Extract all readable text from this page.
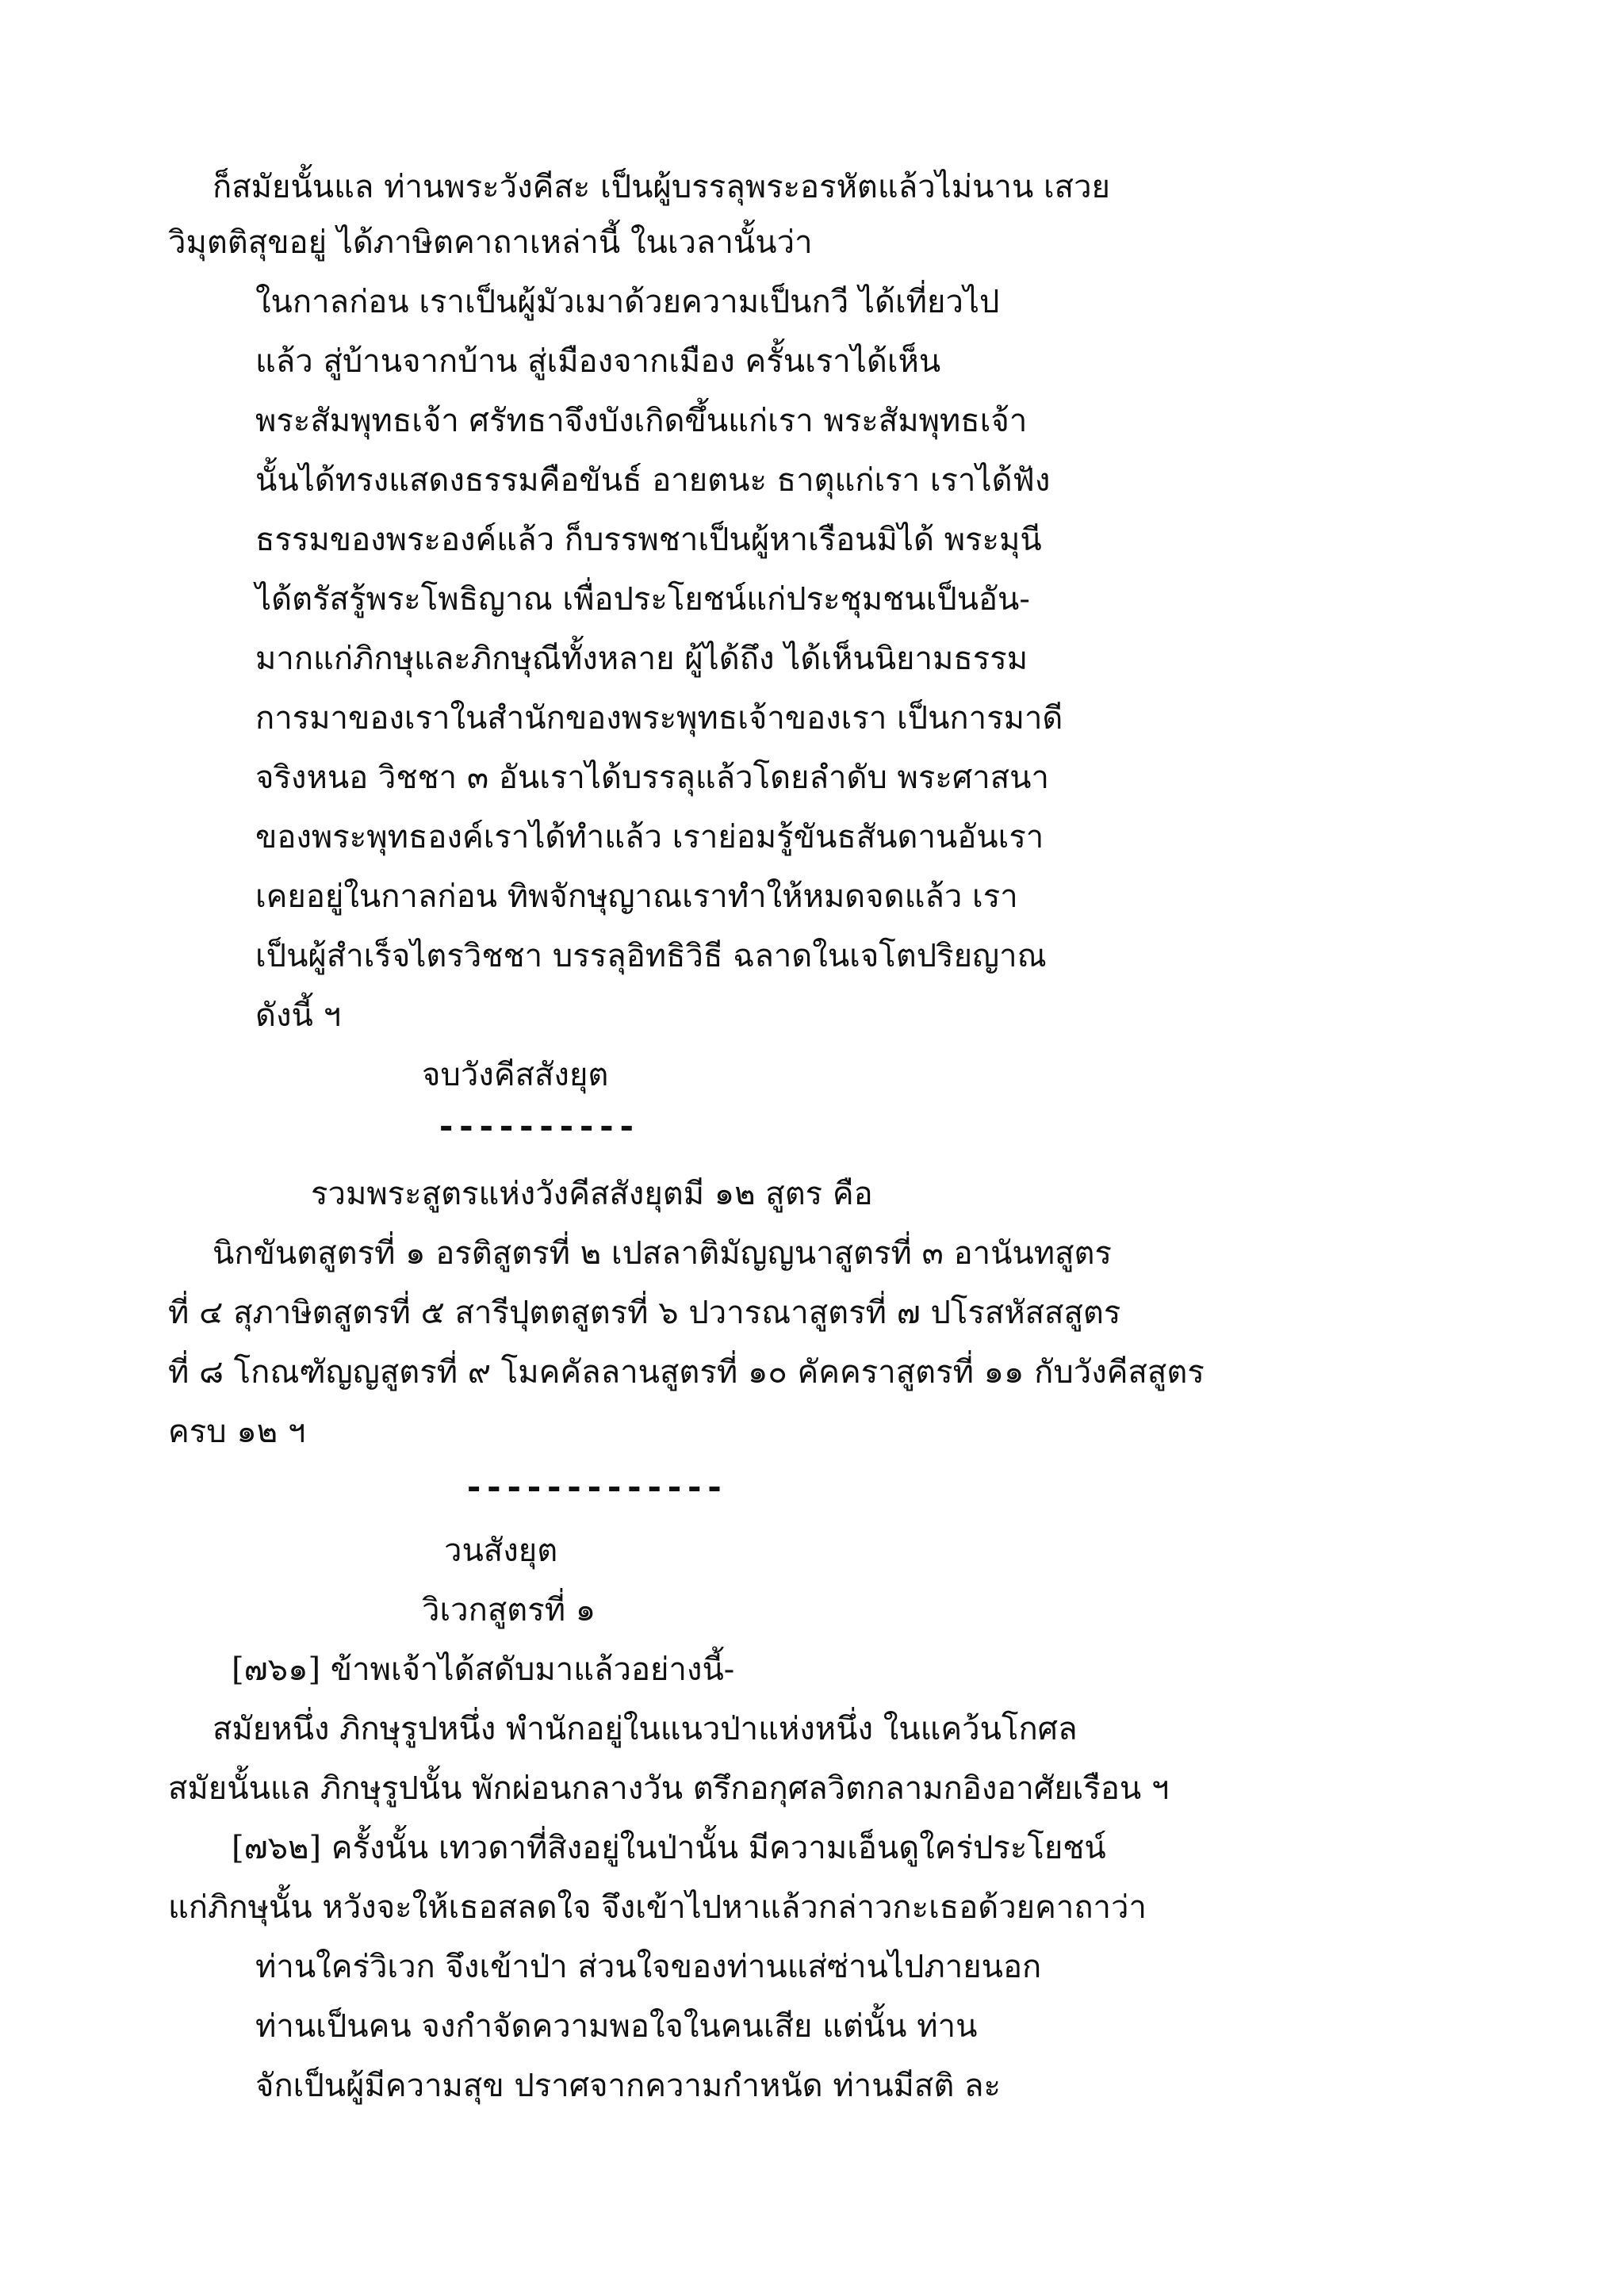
ก็สมัยนั้นแล ท่านพระวังคีสะ เป็นผู้บรรลุพระอรหัตแล้วไม่นาน เสวย
วิมุตติสุขอยู่ ได้ภาษิตคาถาเหล่านี้ ในเวลานั้นว่า
ในกาลก่อน เราเป็นผู้มัวเมาด้วยความเป็นกวี ได้เที่ยวไป
แล้ว สู่บ้านจากบ้าน สู่เมืองจากเมือง ครั้นเราได้เห็น
พระสัมพุทธเจ้า ศรัทธาจึงบังเกิดขึ้นแก่เรา พระสัมพุทธเจ้า
นั้นได้ทรงแสดงธรรมคือขันธ์ อายตนะ ธาตุแก่เรา เราได้ฟัง
ธรรมของพระองค์แล้ว ก็บรรพชาเป็นผู้หาเรือนมิได้ พระมุนี
ได้ตรัสรู้พระโพธิญาณ เพื่อประโยชน์แก่ประชุมชนเป็นอัน-
มากแก่ภิกษุและภิกษุณีทั้งหลาย ผู้ได้ถึง ได้เห็นนิยามธรรม
การมาของเราในสำนักของพระพุทธเจ้าของเรา เป็นการมาดี
จริงหนอ วิชชา ๓ อันเราได้บรรลุแล้วโดยลำดับ พระศาสนา
ของพระพุทธองค์เราได้ทำแล้ว เราย่อมรู้ขันธสันดานอันเรา
เคยอยู่ในกาลก่อน ทิพจักษุญาณเราทำให้หมดจดแล้ว เรา
เป็นผู้สำเร็จไตรวิชชา บรรลุอิทธิวิธี ฉลาดในเจโตปริยญาณ
ดังนี้ ฯ
จบวังคีสสังยุต
----------
รวมพระสูตรแห่งวังคีสสังยุตมี ๑๒ สูตร คือ
นิกขันตสูตรที่ ๑ อรติสูตรที่ ๒ เปสลาติมัญญนาสูตรที่ ๓ อานันทสูตร
ที่ ๔ สุภาษิตสูตรที่ ๕ สารีปุตตสูตรที่ ๖ ปวารณาสูตรที่ ๗ ปโรสหัสสสูตร
ที่ ๘ โกณฑัญญสูตรที่ ๙ โมคคัลลานสูตรที่ ๑๐ คัคคราสูตรที่ ๑๑ กับวังคีสสูตร
ครบ ๑๒ ฯ
-------------
วนสังยุต
วิเวกสูตรที่ ๑
[๗๖๑] ข้าพเจ้าได้สดับมาแล้วอย่างนี้-
สมัยหนึ่ง ภิกษุรูปหนึ่ง พำนักอยู่ในแนวป่าแห่งหนึ่ง ในแคว้นโกศล
สมัยนั้นแล ภิกษุรูปนั้น พักผ่อนกลางวัน ตรึกอกุศลวิตกลามกอิงอาศัยเรือน ฯ
[๗๖๒] ครั้งนั้น เทวดาที่สิงอยู่ในป่านั้น มีความเอ็นดูใคร่ประโยชน์
แก่ภิกษุนั้น หวังจะให้เธอสลดใจ จึงเข้าไปหาแล้วกล่าวกะเธอด้วยคาถาว่า
ท่านใคร่วิเวก จึงเข้าป่า ส่วนใจของท่านแส่ซ่านไปภายนอก
ท่านเป็นคน จงกำจัดความพอใจในคนเสีย แต่นั้น ท่าน
จักเป็นผู้มีความสุข ปราศจากความกำหนัด ท่านมีสติ ละ
